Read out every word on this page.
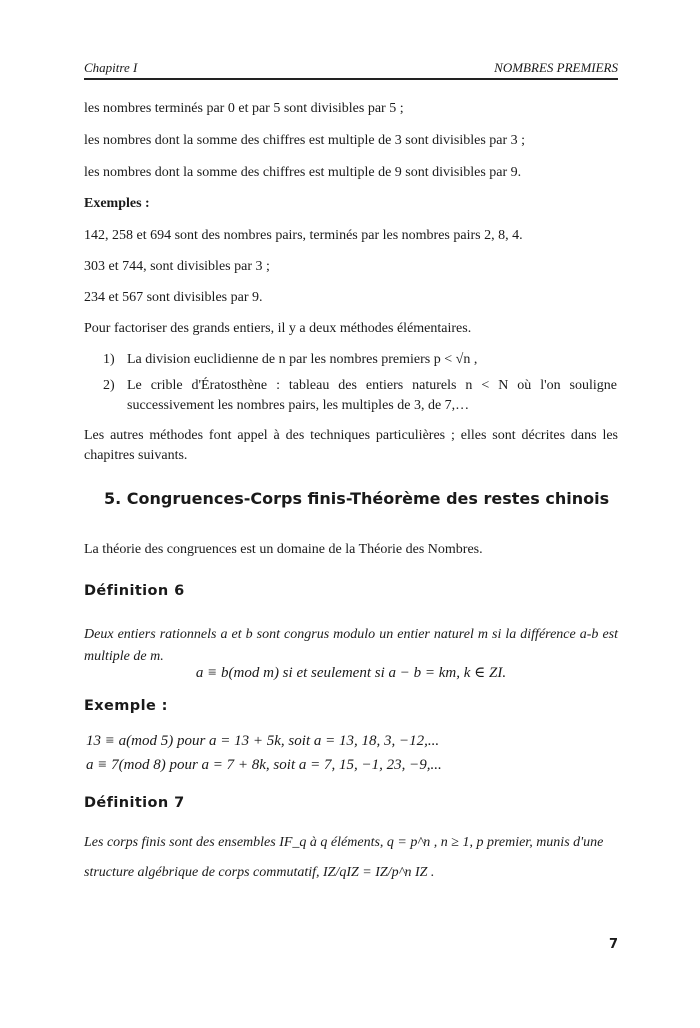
Chapitre I	NOMBRES PREMIERS

les nombres terminés par 0 et par 5 sont divisibles par 5 ;

les nombres dont la somme des chiffres est multiple de 3 sont divisibles par 3 ;

les nombres dont la somme des chiffres est multiple de 9 sont divisibles par 9.

Exemples :

142, 258 et 694 sont des nombres pairs, terminés par les nombres pairs 2, 8, 4.

303 et 744, sont divisibles par 3 ;

234 et 567 sont divisibles par 9.

Pour factoriser des grands entiers, il y a deux méthodes élémentaires.

1) La division euclidienne de n par les nombres premiers p < √n ,
2) Le crible d'Ératosthène : tableau des entiers naturels n < N où l'on souligne successivement les nombres pairs, les multiples de 3, de 7,…

Les autres méthodes font appel à des techniques particulières ; elles sont décrites dans les chapitres suivants.

5. Congruences-Corps finis-Théorème des restes chinois

La théorie des congruences est un domaine de la Théorie des Nombres.

Définition 6

Deux entiers rationnels a et b sont congrus modulo un entier naturel m si la différence a-b est multiple de m.

a ≡ b(mod m) si et seulement si a − b = km, k ∈ ZI.
Exemple :
13 ≡ a(mod 5) pour a = 13 + 5k, soit a = 13, 18, 3, −12,...
a ≡ 7(mod 8) pour a = 7 + 8k, soit a = 7, 15, −1, 23, −9,...
Définition 7

Les corps finis sont des ensembles IF_q à q éléments, q = p^n , n ≥ 1, p premier, munis d'une

structure algébrique de corps commutatif, IZ/qIZ = IZ/p^n IZ .

7
